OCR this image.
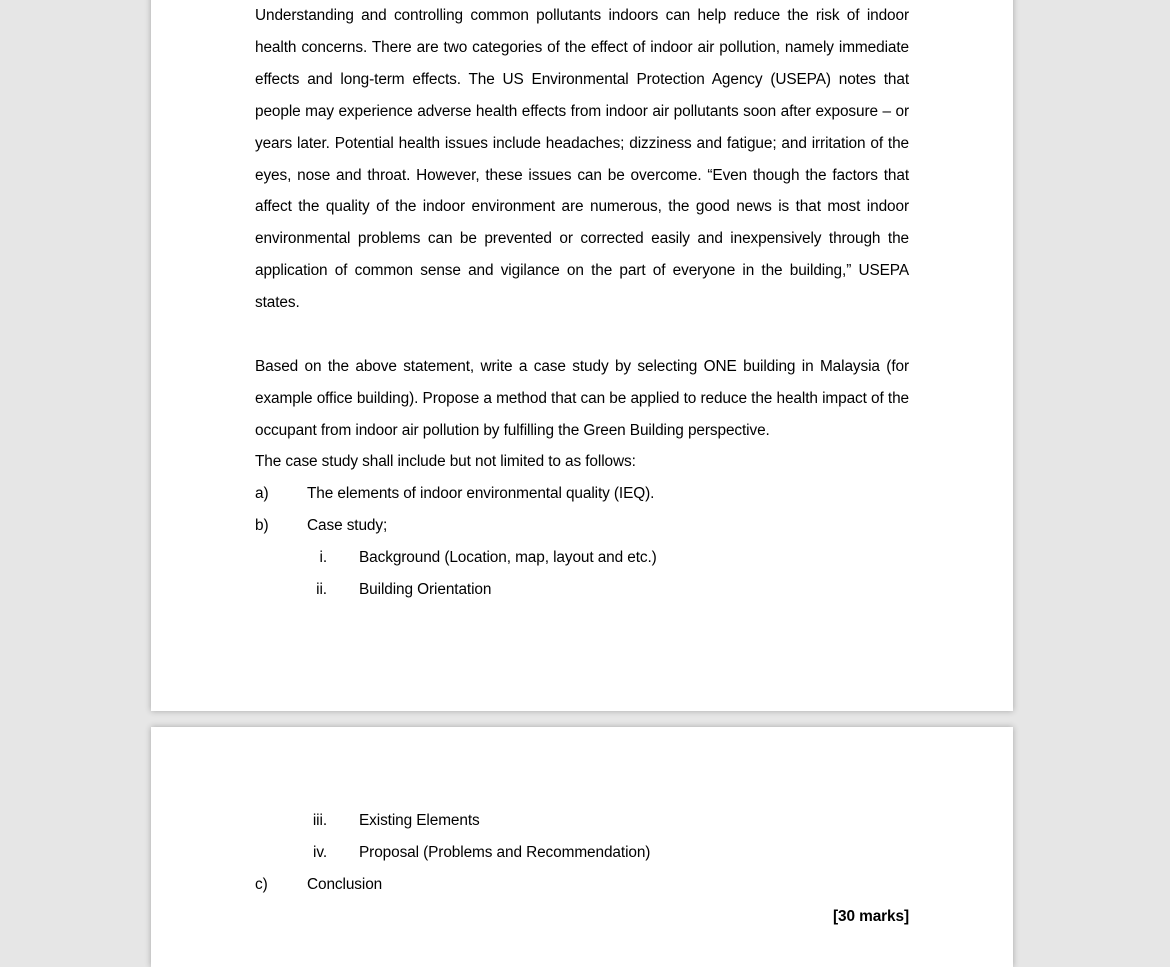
Understanding and controlling common pollutants indoors can help reduce the risk of indoor health concerns. There are two categories of the effect of indoor air pollution, namely immediate effects and long-term effects. The US Environmental Protection Agency (USEPA) notes that people may experience adverse health effects from indoor air pollutants soon after exposure – or years later. Potential health issues include headaches; dizziness and fatigue; and irritation of the eyes, nose and throat. However, these issues can be overcome. “Even though the factors that affect the quality of the indoor environment are numerous, the good news is that most indoor environmental problems can be prevented or corrected easily and inexpensively through the application of common sense and vigilance on the part of everyone in the building,” USEPA states.

Based on the above statement, write a case study by selecting ONE building in Malaysia (for example office building). Propose a method that can be applied to reduce the health impact of the occupant from indoor air pollution by fulfilling the Green Building perspective.

The case study shall include but not limited to as follows:

a)	The elements of indoor environmental quality (IEQ).
b)	Case study;
i. Background (Location, map, layout and etc.)
ii. Building Orientation
iii. Existing Elements
iv. Proposal (Problems and Recommendation)
c)	Conclusion
[30 marks]
